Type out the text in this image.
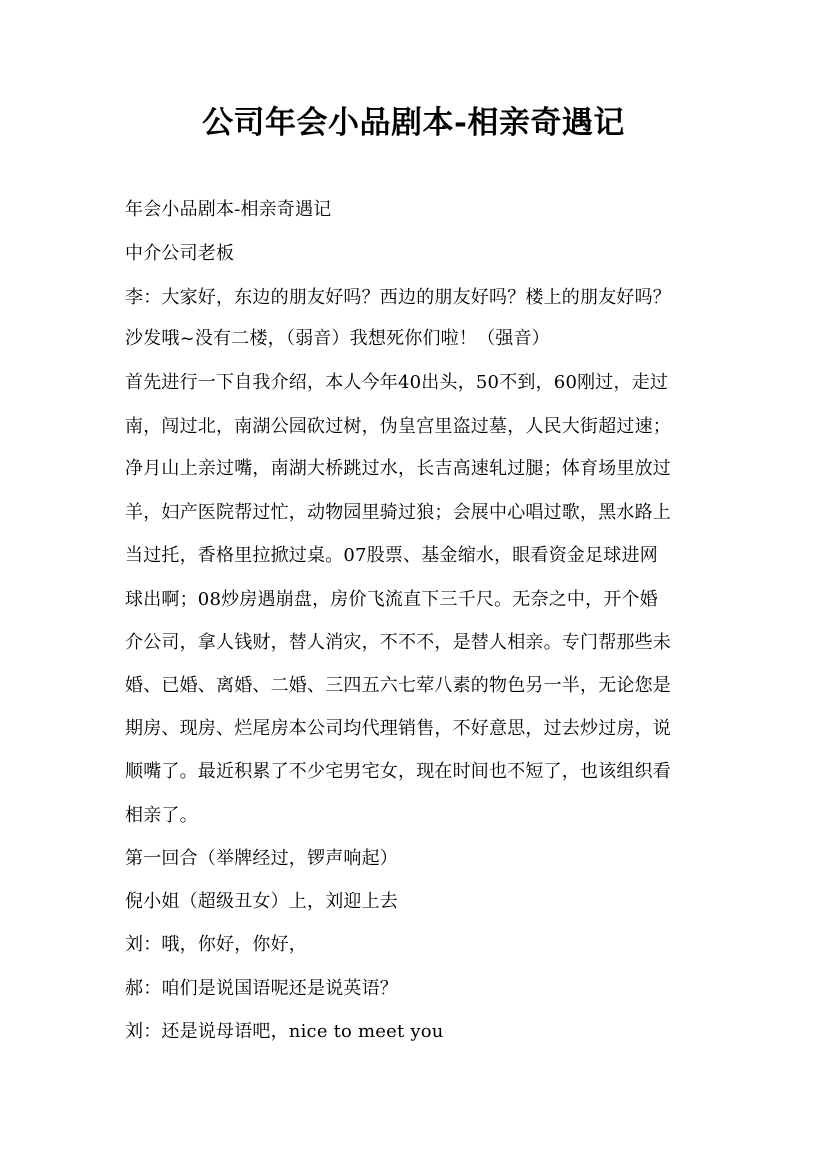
公司年会小品剧本-相亲奇遇记
年会小品剧本-相亲奇遇记
中介公司老板
李：大家好，东边的朋友好吗？西边的朋友好吗？楼上的朋友好吗？
沙发哦~没有二楼，（弱音）我想死你们啦！（强音）
首先进行一下自我介绍，本人今年40出头，50不到，60刚过，走过
南，闯过北，南湖公园砍过树，伪皇宫里盗过墓，人民大街超过速；
净月山上亲过嘴，南湖大桥跳过水，长吉高速轧过腿；体育场里放过
羊，妇产医院帮过忙，动物园里骑过狼；会展中心唱过歌，黑水路上
当过托，香格里拉掀过桌。07股票、基金缩水，眼看资金足球进网
球出啊；08炒房遇崩盘，房价飞流直下三千尺。无奈之中，开个婚
介公司，拿人钱财，替人消灾，不不不，是替人相亲。专门帮那些未
婚、已婚、离婚、二婚、三四五六七荤八素的物色另一半，无论您是
期房、现房、烂尾房本公司均代理销售，不好意思，过去炒过房，说
顺嘴了。最近积累了不少宅男宅女，现在时间也不短了，也该组织看
相亲了。
第一回合（举牌经过，锣声响起）
倪小姐（超级丑女）上，刘迎上去
刘：哦，你好，你好，
郝：咱们是说国语呢还是说英语？
刘：还是说母语吧，nice to meet you
